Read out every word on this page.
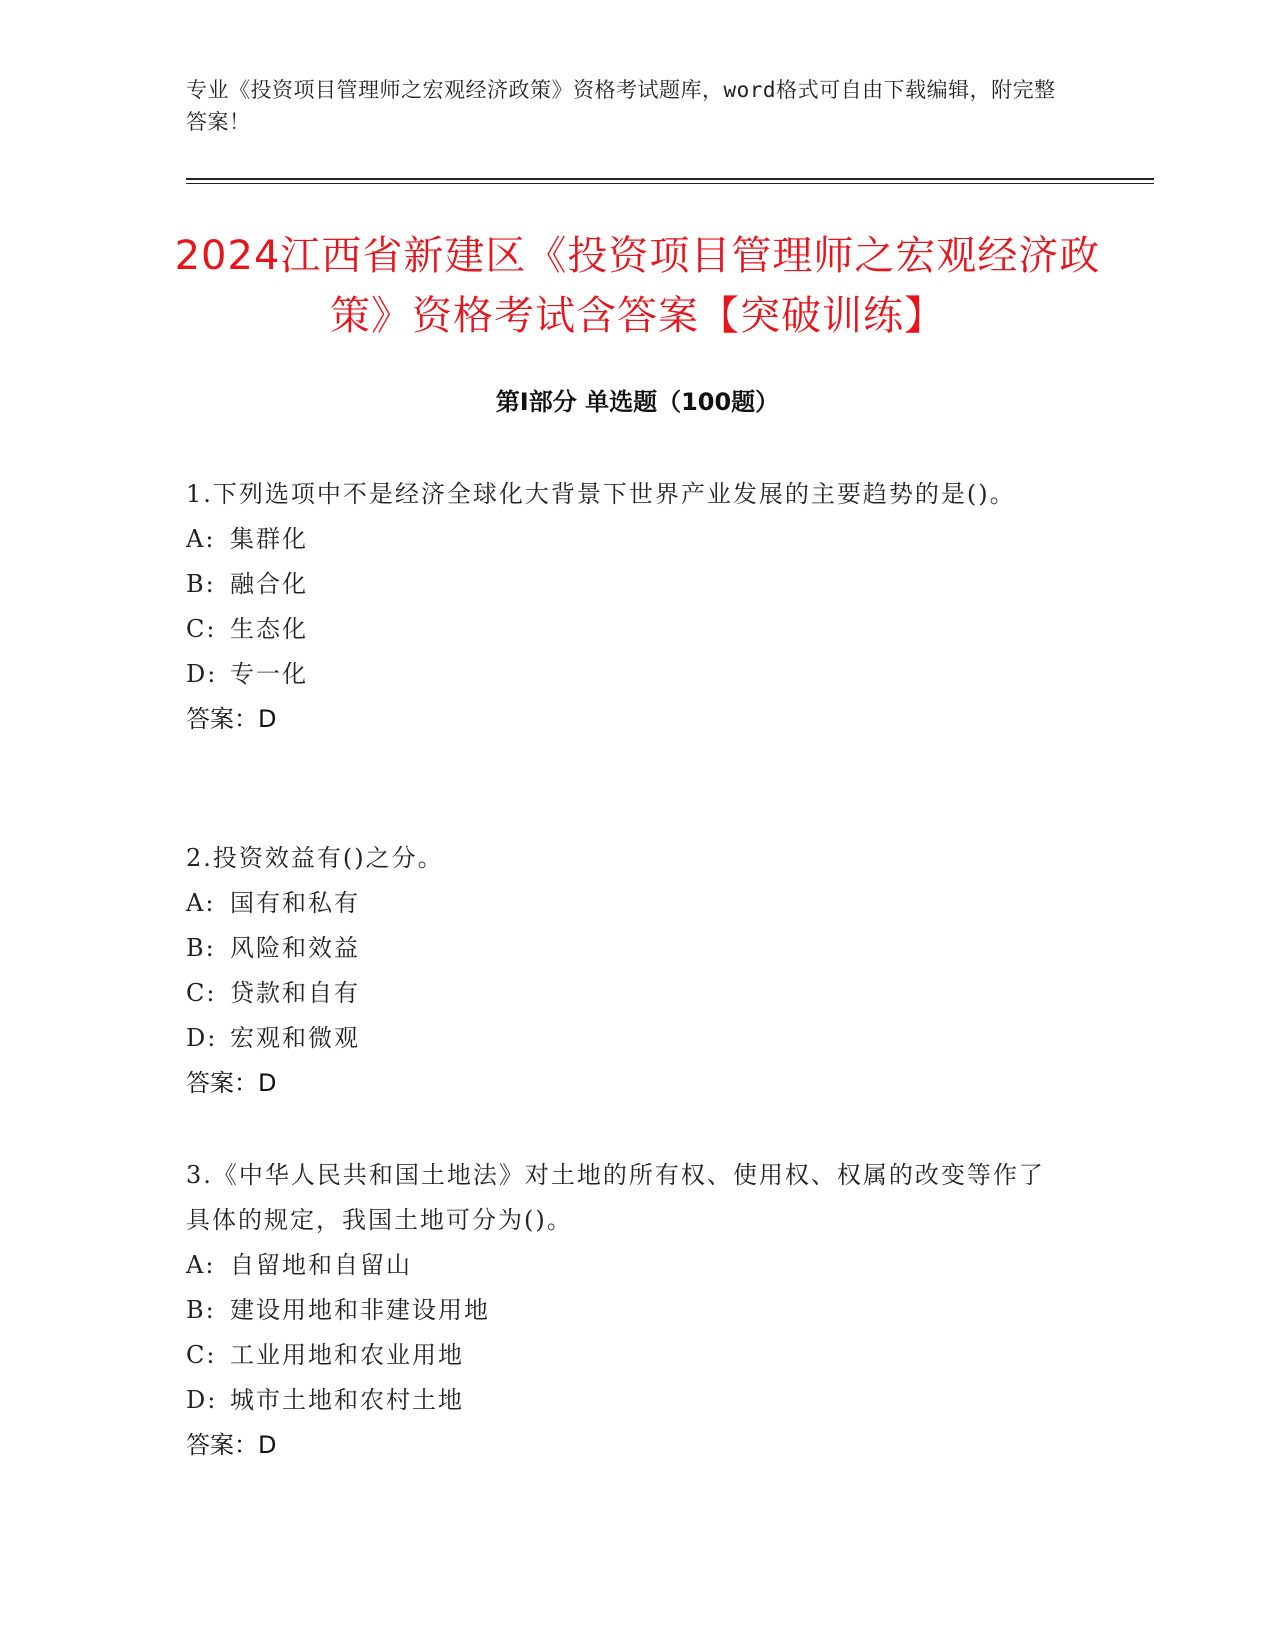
专业《投资项目管理师之宏观经济政策》资格考试题库，word格式可自由下载编辑，附完整答案！
2024江西省新建区《投资项目管理师之宏观经济政策》资格考试含答案【突破训练】
第Ⅰ部分 单选题（100题）
1.下列选项中不是经济全球化大背景下世界产业发展的主要趋势的是()。
A: 集群化
B: 融合化
C: 生态化
D: 专一化
答案：D
2.投资效益有()之分。
A: 国有和私有
B: 风险和效益
C: 贷款和自有
D: 宏观和微观
答案：D
3.《中华人民共和国土地法》对土地的所有权、使用权、权属的改变等作了具体的规定，我国土地可分为()。
A: 自留地和自留山
B: 建设用地和非建设用地
C: 工业用地和农业用地
D: 城市土地和农村土地
答案：D
